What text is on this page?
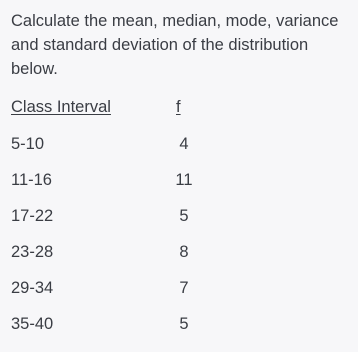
Calculate the mean, median, mode, variance and standard deviation of the distribution below.

Class Interval	f
5-10	4
11-16	11
17-22	5
23-28	8
29-34	7
35-40	5
